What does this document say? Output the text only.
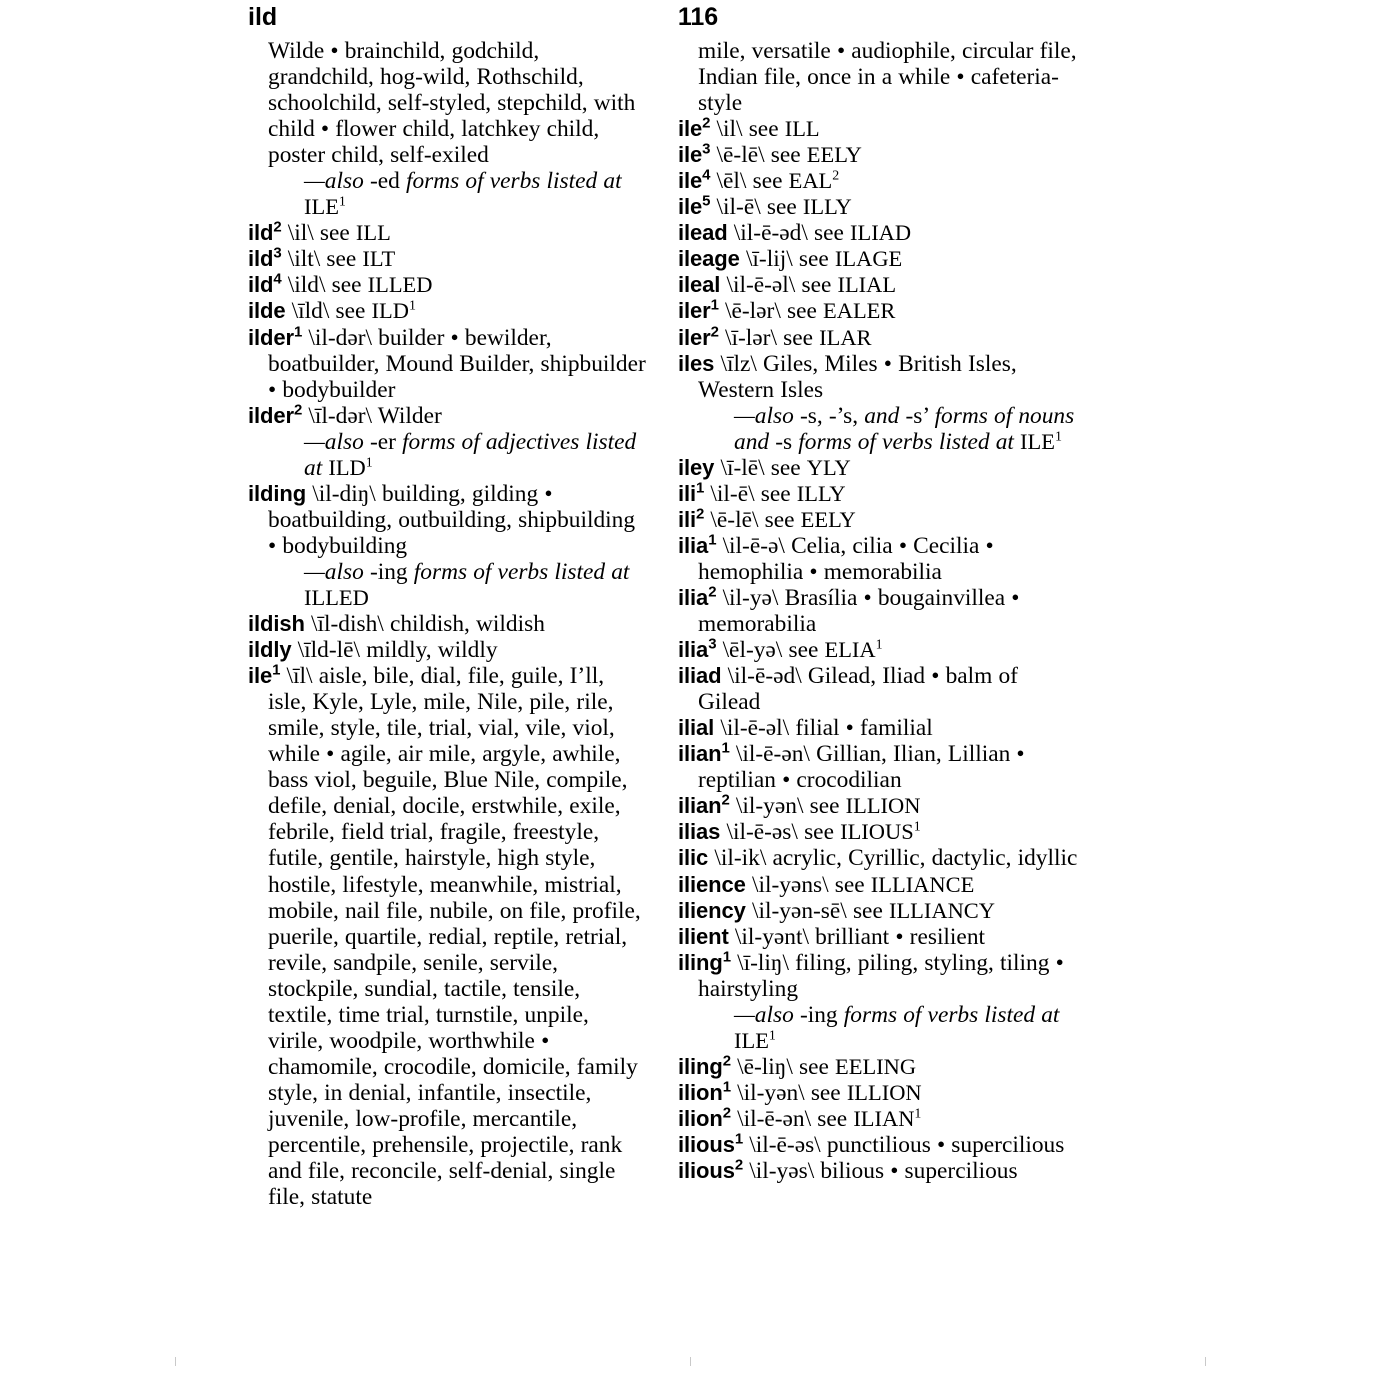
ild	116

Wilde • brainchild, godchild, grandchild, hog-wild, Rothschild, schoolchild, self-styled, stepchild, with child • flower child, latchkey child, poster child, self-exiled
—also -ed forms of verbs listed at ILE$^1$

ild$^2$ \il\ see ILL

ild$^3$ \ilt\ see ILT

ild$^4$ \ild\ see ILLED

ilde \īld\ see ILD$^1$

ilder$^1$ \il-dər\ builder • bewilder, boatbuilder, Mound Builder, shipbuilder • bodybuilder

ilder$^2$ \īl-dər\ Wilder
—also -er forms of adjectives listed at ILD$^1$

ilding \il-diŋ\ building, gilding • boatbuilding, outbuilding, shipbuilding • bodybuilding
—also -ing forms of verbs listed at ILLED

ildish \īl-dish\ childish, wildish

ildly \īld-lē\ mildly, wildly

ile$^1$ \īl\ aisle, bile, dial, file, guile, I’ll, isle, Kyle, Lyle, mile, Nile, pile, rile, smile, style, tile, trial, vial, vile, viol, while • agile, air mile, argyle, awhile, bass viol, beguile, Blue Nile, compile, defile, denial, docile, erstwhile, exile, febrile, field trial, fragile, freestyle, futile, gentile, hairstyle, high style, hostile, lifestyle, meanwhile, mistrial, mobile, nail file, nubile, on file, profile, puerile, quartile, redial, reptile, retrial, revile, sandpile, senile, servile, stockpile, sundial, tactile, tensile, textile, time trial, turnstile, unpile, virile, woodpile, worthwhile • chamomile, crocodile, domicile, family style, in denial, infantile, insectile, juvenile, low-profile, mercantile, percentile, prehensile, projectile, rank and file, reconcile, self-denial, single file, statute

mile, versatile • audiophile, circular file, Indian file, once in a while • cafeteria-style

ile$^2$ \il\ see ILL

ile$^3$ \ē-lē\ see EELY

ile$^4$ \ēl\ see EAL$^2$

ile$^5$ \il-ē\ see ILLY

ilead \il-ē-əd\ see ILIAD

ileage \ī-lij\ see ILAGE

ileal \il-ē-əl\ see ILIAL

iler$^1$ \ē-lər\ see EALER

iler$^2$ \ī-lər\ see ILAR

iles \īlz\ Giles, Miles • British Isles, Western Isles
—also -s, -’s, and -s’ forms of nouns and -s forms of verbs listed at ILE$^1$

iley \ī-lē\ see YLY

ili$^1$ \il-ē\ see ILLY

ili$^2$ \ē-lē\ see EELY

ilia$^1$ \il-ē-ə\ Celia, cilia • Cecilia • hemophilia • memorabilia

ilia$^2$ \il-yə\ Brasília • bougainvillea • memorabilia

ilia$^3$ \ēl-yə\ see ELIA$^1$

iliad \il-ē-əd\ Gilead, Iliad • balm of Gilead

ilial \il-ē-əl\ filial • familial

ilian$^1$ \il-ē-ən\ Gillian, Ilian, Lillian • reptilian • crocodilian

ilian$^2$ \il-yən\ see ILLION

ilias \il-ē-əs\ see ILIOUS$^1$

ilic \il-ik\ acrylic, Cyrillic, dactylic, idyllic

ilience \il-yəns\ see ILLIANCE

iliency \il-yən-sē\ see ILLIANCY

ilient \il-yənt\ brilliant • resilient

iling$^1$ \ī-liŋ\ filing, piling, styling, tiling • hairstyling
—also -ing forms of verbs listed at ILE$^1$

iling$^2$ \ē-liŋ\ see EELING

ilion$^1$ \il-yən\ see ILLION

ilion$^2$ \il-ē-ən\ see ILIAN$^1$

ilious$^1$ \il-ē-əs\ punctilious • supercilious

ilious$^2$ \il-yəs\ bilious • supercilious
